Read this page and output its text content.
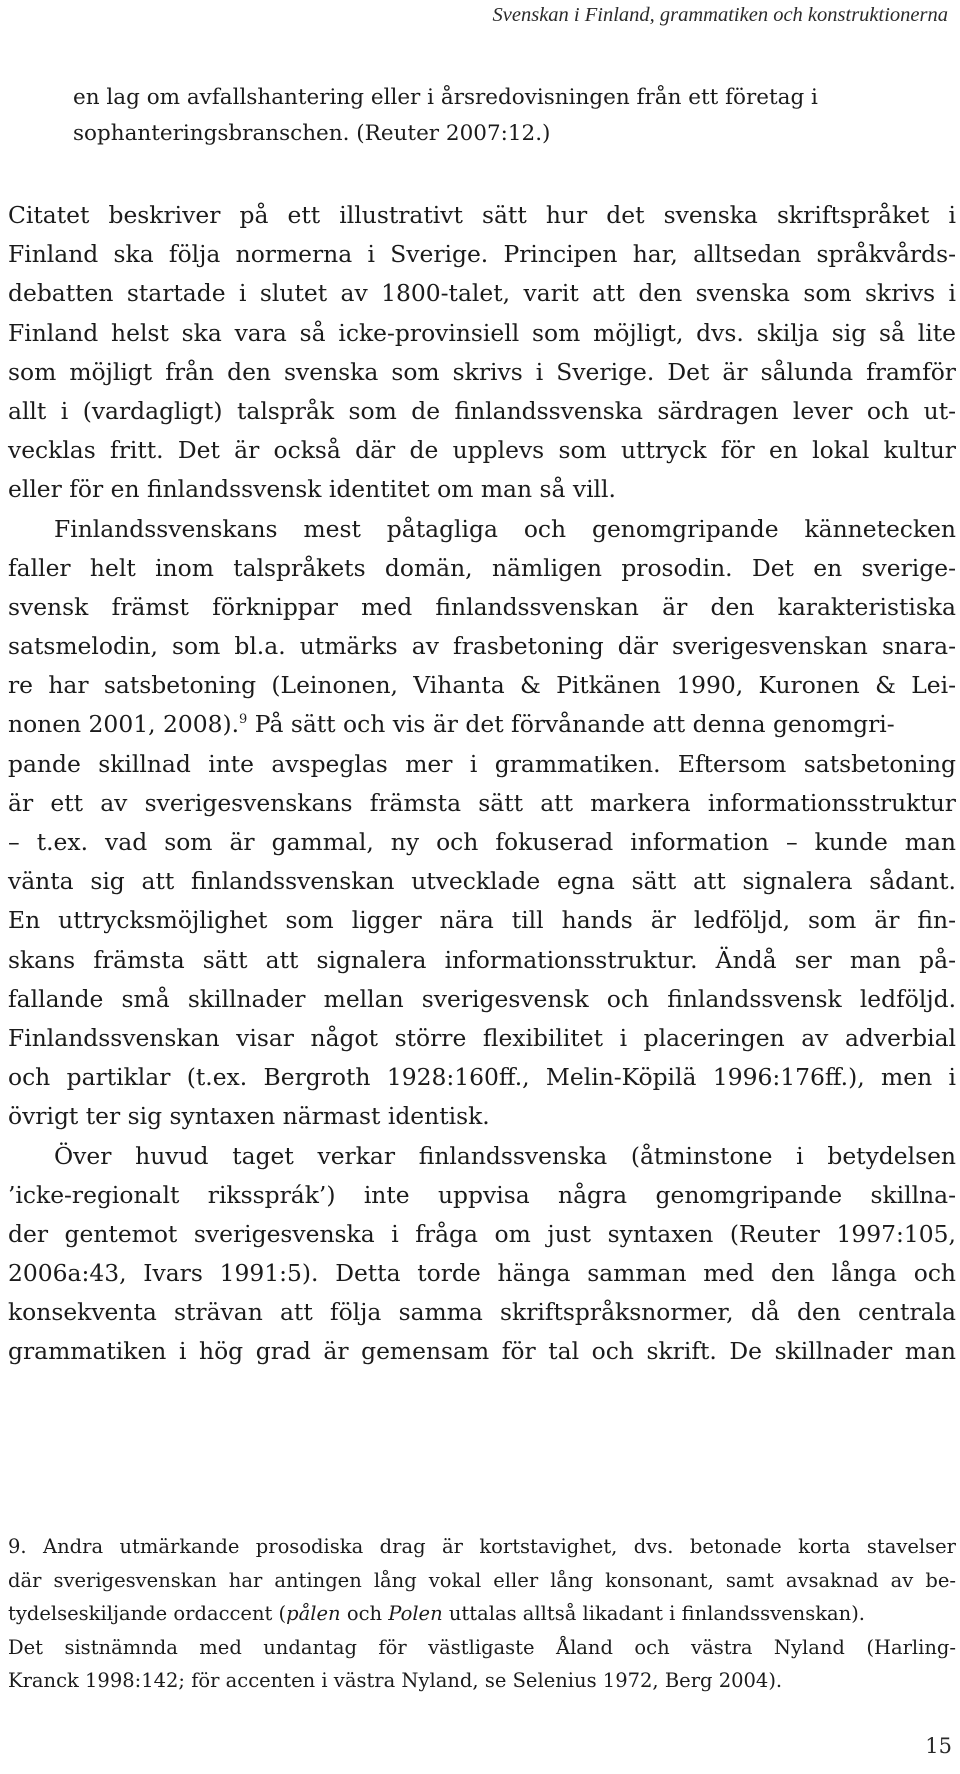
Svenskan i Finland, grammatiken och konstruktionerna
en lag om avfallshantering eller i årsredovisningen från ett företag i
sophanteringsbranschen. (Reuter 2007:12.)
Citatet beskriver på ett illustrativt sätt hur det svenska skriftspråket i
Finland ska följa normerna i Sverige. Principen har, alltsedan språkvårds-
debatten startade i slutet av 1800-talet, varit att den svenska som skrivs i
Finland helst ska vara så icke-provinsiell som möjligt, dvs. skilja sig så lite
som möjligt från den svenska som skrivs i Sverige. Det är sålunda framför
allt i (vardagligt) talspråk som de finlandssvenska särdragen lever och ut-
vecklas fritt. Det är också där de upplevs som uttryck för en lokal kultur
eller för en finlandssvensk identitet om man så vill.
Finlandssvenskans mest påtagliga och genomgripande kännetecken
faller helt inom talspråkets domän, nämligen prosodin. Det en sverige-
svensk främst förknippar med finlandssvenskan är den karakteristiska
satsmelodin, som bl.a. utmärks av frasbetoning där sverigesvenskan snara-
re har satsbetoning (Leinonen, Vihanta & Pitkänen 1990, Kuronen & Lei-
nonen 2001, 2008).$^9$ På sätt och vis är det förvånande att denna genomgri-
pande skillnad inte avspeglas mer i grammatiken. Eftersom satsbetoning
är ett av sverigesvenskans främsta sätt att markera informationsstruktur
– t.ex. vad som är gammal, ny och fokuserad information – kunde man
vänta sig att finlandssvenskan utvecklade egna sätt att signalera sådant.
En uttrycksmöjlighet som ligger nära till hands är ledföljd, som är fin-
skans främsta sätt att signalera informationsstruktur. Ändå ser man på-
fallande små skillnader mellan sverigesvensk och finlandssvensk ledföljd.
Finlandssvenskan visar något större flexibilitet i placeringen av adverbial
och partiklar (t.ex. Bergroth 1928:160ff., Melin-Köpilä 1996:176ff.), men i
övrigt ter sig syntaxen närmast identisk.
Över huvud taget verkar finlandssvenska (åtminstone i betydelsen
’icke-regionalt rikssprák’) inte uppvisa några genomgripande skillna-
der gentemot sverigesvenska i fråga om just syntaxen (Reuter 1997:105,
2006a:43, Ivars 1991:5). Detta torde hänga samman med den långa och
konsekventa strävan att följa samma skriftspråksnormer, då den centrala
grammatiken i hög grad är gemensam för tal och skrift. De skillnader man
9. Andra utmärkande prosodiska drag är kortstavighet, dvs. betonade korta stavelser
där sverigesvenskan har antingen lång vokal eller lång konsonant, samt avsaknad av be-
tydelseskiljande ordaccent (pålen och Polen uttalas alltså likadant i finlandssvenskan).
Det sistnämnda med undantag för västligaste Åland och västra Nyland (Harling-
Kranck 1998:142; för accenten i västra Nyland, se Selenius 1972, Berg 2004).
15
